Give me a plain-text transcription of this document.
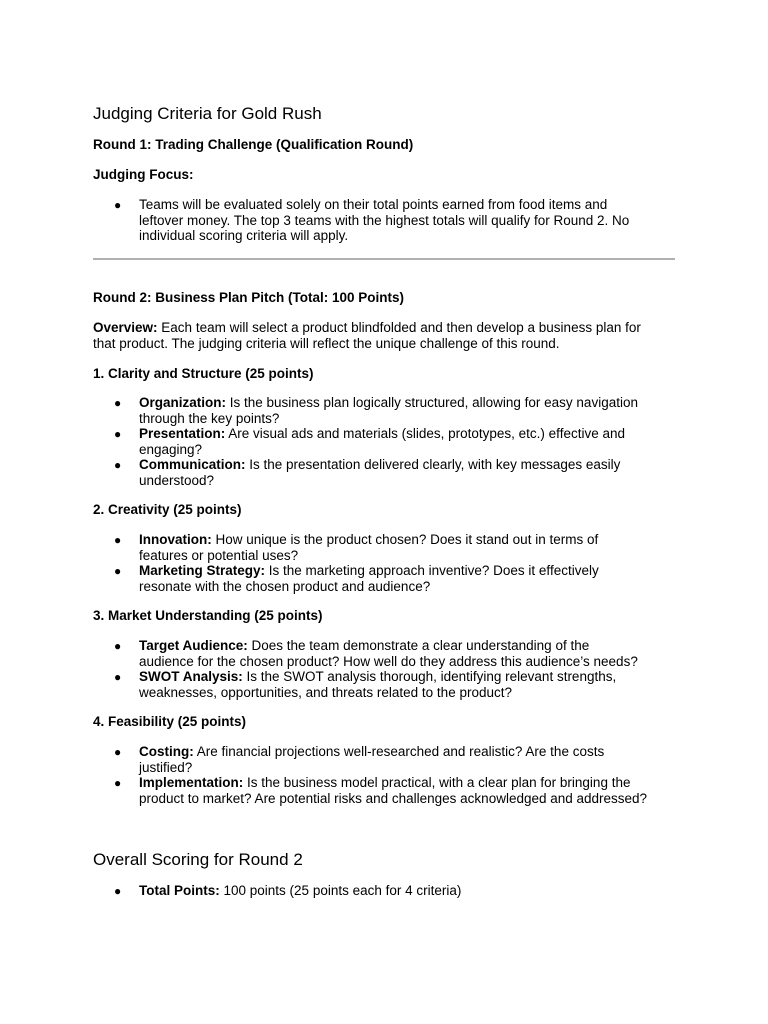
Judging Criteria for Gold Rush
Round 1: Trading Challenge (Qualification Round)
Judging Focus:
● Teams will be evaluated solely on their total points earned from food items and
leftover money. The top 3 teams with the highest totals will qualify for Round 2. No
individual scoring criteria will apply.

Round 2: Business Plan Pitch (Total: 100 Points)

Overview: Each team will select a product blindfolded and then develop a business plan for
that product. The judging criteria will reflect the unique challenge of this round.

1. Clarity and Structure (25 points)
● Organization: Is the business plan logically structured, allowing for easy navigation
through the key points?

● Presentation: Are visual ads and materials (slides, prototypes, etc.) effective and
engaging?

● Communication: Is the presentation delivered clearly, with key messages easily
understood?

2. Creativity (25 points)
● Innovation: How unique is the product chosen? Does it stand out in terms of
features or potential uses?

● Marketing Strategy: Is the marketing approach inventive? Does it effectively
resonate with the chosen product and audience?

3. Market Understanding (25 points)
● Target Audience: Does the team demonstrate a clear understanding of the
audience for the chosen product? How well do they address this audience’s needs?

● SWOT Analysis: Is the SWOT analysis thorough, identifying relevant strengths,
weaknesses, opportunities, and threats related to the product?

4. Feasibility (25 points)
● Costing: Are financial projections well-researched and realistic? Are the costs
justified?

● Implementation: Is the business model practical, with a clear plan for bringing the
product to market? Are potential risks and challenges acknowledged and addressed?

Overall Scoring for Round 2
● Total Points: 100 points (25 points each for 4 criteria)
